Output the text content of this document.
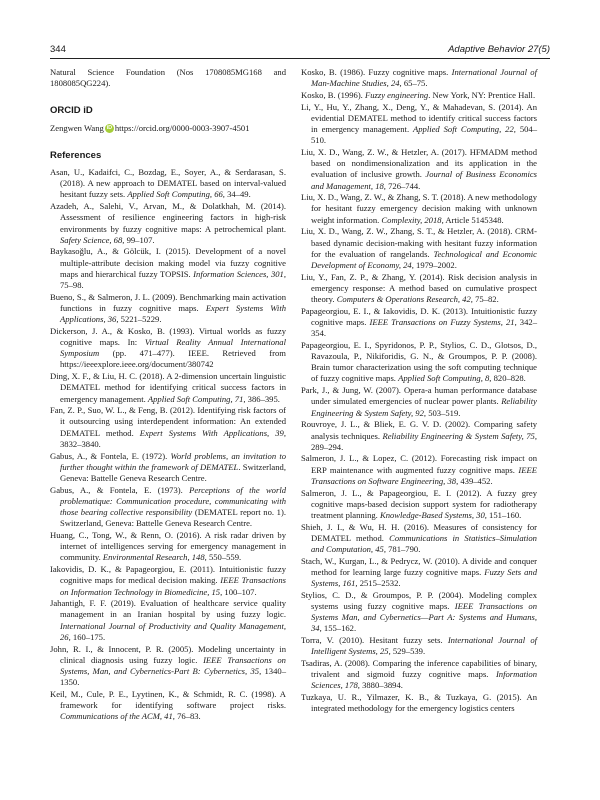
344	Adaptive Behavior 27(5)

Natural Science Foundation (Nos 1708085MG168 and 1808085QG224).

ORCID iD
Zengwen Wang iD https://orcid.org/0000-0003-3907-4501
References

Asan, U., Kadaifci, C., Bozdag, E., Soyer, A., & Serdarasan, S. (2018). A new approach to DEMATEL based on interval-valued hesitant fuzzy sets. Applied Soft Computing, 66, 34–49.

Azadeh, A., Salehi, V., Arvan, M., & Dolatkhah, M. (2014). Assessment of resilience engineering factors in high-risk environments by fuzzy cognitive maps: A petrochemical plant. Safety Science, 68, 99–107.

Baykasoğlu, A., & Gölcük, I. (2015). Development of a novel multiple-attribute decision making model via fuzzy cognitive maps and hierarchical fuzzy TOPSIS. Information Sciences, 301, 75–98.

Bueno, S., & Salmeron, J. L. (2009). Benchmarking main activation functions in fuzzy cognitive maps. Expert Systems With Applications, 36, 5221–5229.

Dickerson, J. A., & Kosko, B. (1993). Virtual worlds as fuzzy cognitive maps. In: Virtual Reality Annual International Symposium (pp. 471–477). IEEE. Retrieved from https://ieeexplore.ieee.org/document/380742

Ding, X. F., & Liu, H. C. (2018). A 2-dimension uncertain linguistic DEMATEL method for identifying critical success factors in emergency management. Applied Soft Computing, 71, 386–395.

Fan, Z. P., Suo, W. L., & Feng, B. (2012). Identifying risk factors of it outsourcing using interdependent information: An extended DEMATEL method. Expert Systems With Applications, 39, 3832–3840.

Gabus, A., & Fontela, E. (1972). World problems, an invitation to further thought within the framework of DEMATEL. Switzerland, Geneva: Battelle Geneva Research Centre.

Gabus, A., & Fontela, E. (1973). Perceptions of the world problematique: Communication procedure, communicating with those bearing collective responsibility (DEMATEL report no. 1). Switzerland, Geneva: Battelle Geneva Research Centre.

Huang, C., Tong, W., & Renn, O. (2016). A risk radar driven by internet of intelligences serving for emergency management in community. Environmental Research, 148, 550–559.

Iakovidis, D. K., & Papageorgiou, E. (2011). Intuitionistic fuzzy cognitive maps for medical decision making. IEEE Transactions on Information Technology in Biomedicine, 15, 100–107.

Jahantigh, F. F. (2019). Evaluation of healthcare service quality management in an Iranian hospital by using fuzzy logic. International Journal of Productivity and Quality Management, 26, 160–175.

John, R. I., & Innocent, P. R. (2005). Modeling uncertainty in clinical diagnosis using fuzzy logic. IEEE Transactions on Systems, Man, and Cybernetics-Part B: Cybernetics, 35, 1340–1350.

Keil, M., Cule, P. E., Lyytinen, K., & Schmidt, R. C. (1998). A framework for identifying software project risks. Communications of the ACM, 41, 76–83.

Kosko, B. (1986). Fuzzy cognitive maps. International Journal of Man-Machine Studies, 24, 65–75.

Kosko, B. (1996). Fuzzy engineering. New York, NY: Prentice Hall.

Li, Y., Hu, Y., Zhang, X., Deng, Y., & Mahadevan, S. (2014). An evidential DEMATEL method to identify critical success factors in emergency management. Applied Soft Computing, 22, 504–510.

Liu, X. D., Wang, Z. W., & Hetzler, A. (2017). HFMADM method based on nondimensionalization and its application in the evaluation of inclusive growth. Journal of Business Economics and Management, 18, 726–744.

Liu, X. D., Wang, Z. W., & Zhang, S. T. (2018). A new methodology for hesitant fuzzy emergency decision making with unknown weight information. Complexity, 2018, Article 5145348.

Liu, X. D., Wang, Z. W., Zhang, S. T., & Hetzler, A. (2018). CRM-based dynamic decision-making with hesitant fuzzy information for the evaluation of rangelands. Technological and Economic Development of Economy, 24, 1979–2002.

Liu, Y., Fan, Z. P., & Zhang, Y. (2014). Risk decision analysis in emergency response: A method based on cumulative prospect theory. Computers & Operations Research, 42, 75–82.

Papageorgiou, E. I., & Iakovidis, D. K. (2013). Intuitionistic fuzzy cognitive maps. IEEE Transactions on Fuzzy Systems, 21, 342–354.

Papageorgiou, E. I., Spyridonos, P. P., Stylios, C. D., Glotsos, D., Ravazoula, P., Nikiforidis, G. N., & Groumpos, P. P. (2008). Brain tumor characterization using the soft computing technique of fuzzy cognitive maps. Applied Soft Computing, 8, 820–828.

Park, J., & Jung, W. (2007). Opera-a human performance database under simulated emergencies of nuclear power plants. Reliability Engineering & System Safety, 92, 503–519.

Rouvroye, J. L., & Bliek, E. G. V. D. (2002). Comparing safety analysis techniques. Reliability Engineering & System Safety, 75, 289–294.

Salmeron, J. L., & Lopez, C. (2012). Forecasting risk impact on ERP maintenance with augmented fuzzy cognitive maps. IEEE Transactions on Software Engineering, 38, 439–452.

Salmeron, J. L., & Papageorgiou, E. I. (2012). A fuzzy grey cognitive maps-based decision support system for radiotherapy treatment planning. Knowledge-Based Systems, 30, 151–160.

Shieh, J. I., & Wu, H. H. (2016). Measures of consistency for DEMATEL method. Communications in Statistics–Simulation and Computation, 45, 781–790.

Stach, W., Kurgan, L., & Pedrycz, W. (2010). A divide and conquer method for learning large fuzzy cognitive maps. Fuzzy Sets and Systems, 161, 2515–2532.

Stylios, C. D., & Groumpos, P. P. (2004). Modeling complex systems using fuzzy cognitive maps. IEEE Transactions on Systems Man, and Cybernetics—Part A: Systems and Humans, 34, 155–162.

Torra, V. (2010). Hesitant fuzzy sets. International Journal of Intelligent Systems, 25, 529–539.

Tsadiras, A. (2008). Comparing the inference capabilities of binary, trivalent and sigmoid fuzzy cognitive maps. Information Sciences, 178, 3880–3894.

Tuzkaya, U. R., Yilmazer, K. B., & Tuzkaya, G. (2015). An integrated methodology for the emergency logistics centers
